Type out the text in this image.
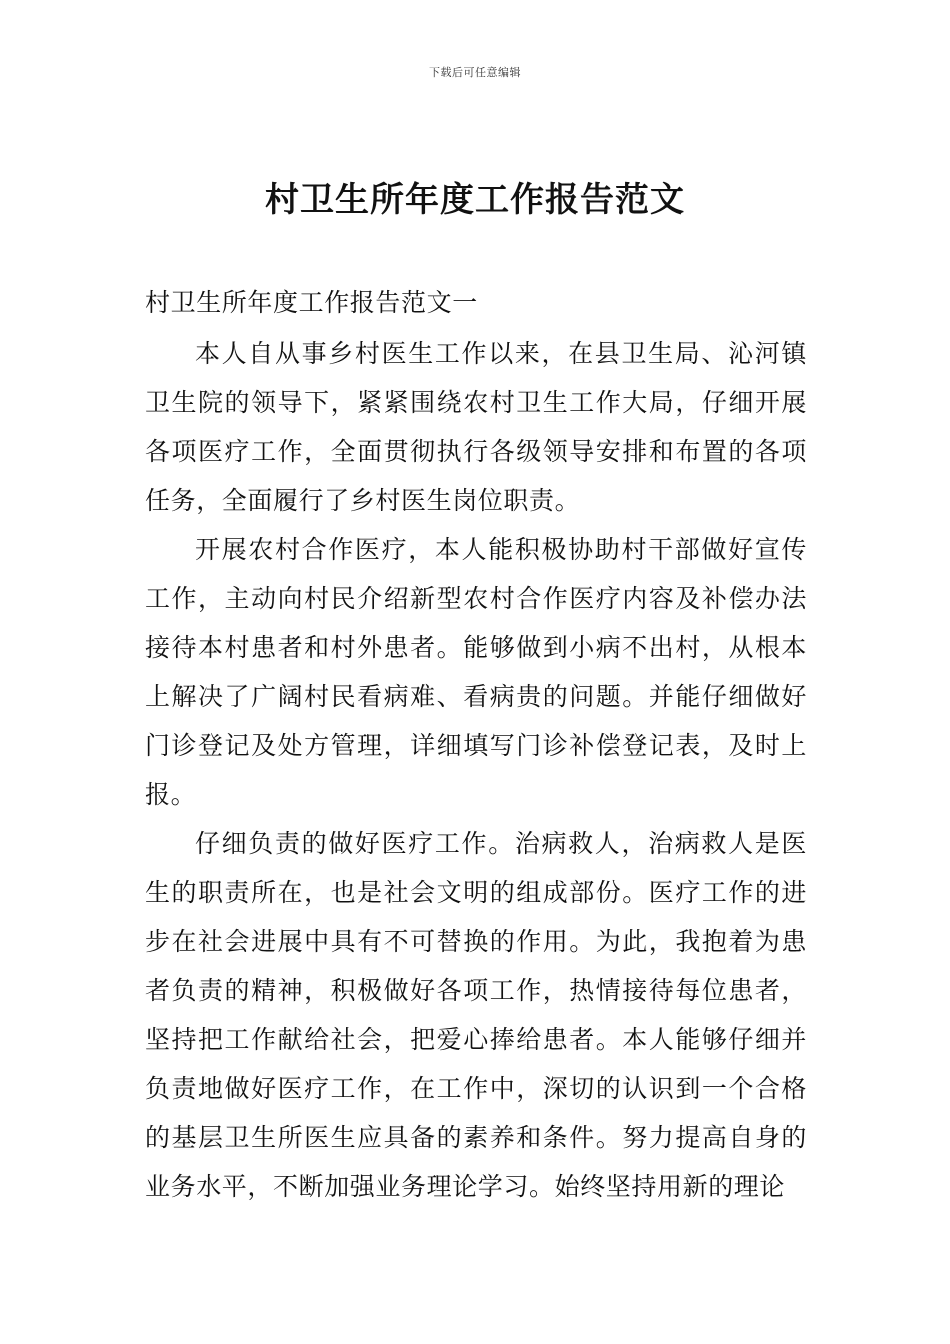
下载后可任意编辑
村卫生所年度工作报告范文

村卫生所年度工作报告范文一

本人自从事乡村医生工作以来，在县卫生局、沁河镇卫生院的领导下，紧紧围绕农村卫生工作大局，仔细开展各项医疗工作，全面贯彻执行各级领导安排和布置的各项任务，全面履行了乡村医生岗位职责。

开展农村合作医疗，本人能积极协助村干部做好宣传工作，主动向村民介绍新型农村合作医疗内容及补偿办法接待本村患者和村外患者。能够做到小病不出村，从根本上解决了广阔村民看病难、看病贵的问题。并能仔细做好门诊登记及处方管理，详细填写门诊补偿登记表，及时上报。

仔细负责的做好医疗工作。治病救人，治病救人是医生的职责所在，也是社会文明的组成部份。医疗工作的进步在社会进展中具有不可替换的作用。为此，我抱着为患者负责的精神，积极做好各项工作，热情接待每位患者，坚持把工作献给社会，把爱心捧给患者。本人能够仔细并负责地做好医疗工作，在工作中，深切的认识到一个合格的基层卫生所医生应具备的素养和条件。努力提高自身的业务水平，不断加强业务理论学习。始终坚持用新的理论
